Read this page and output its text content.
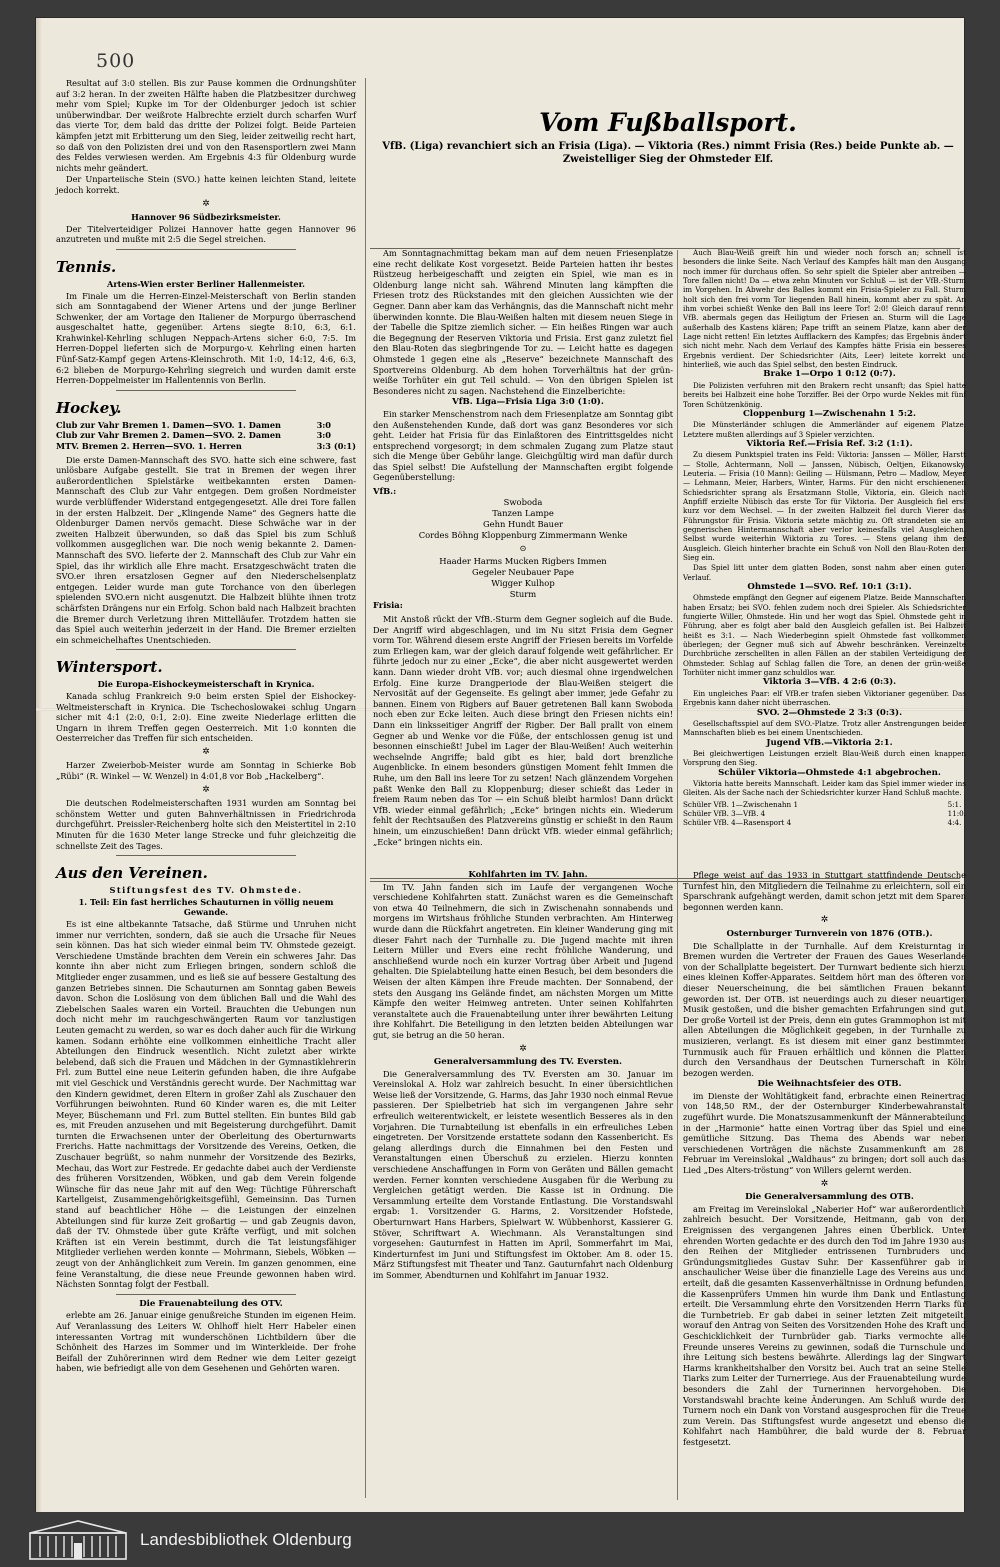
500

Resultat auf 3:0 stellen. Bis zur Pause kommen die Ordnungshüter auf 3:2 heran. In der zweiten Hälfte haben die Platzbesitzer durchweg mehr vom Spiel; Kupke im Tor der Oldenburger jedoch ist schier unüberwindbar. Der weißrote Halbrechte erzielt durch scharfen Wurf das vierte Tor, dem bald das dritte der Polizei folgt. Beide Parteien kämpfen jetzt mit Erbitterung um den Sieg, leider zeitweilig recht hart, so daß von den Polizisten drei und von den Rasensportlern zwei Mann des Feldes verwiesen werden. Am Ergebnis 4:3 für Oldenburg wurde nichts mehr geändert.

Der Unparteiische Stein (SVO.) hatte keinen leichten Stand, leitete jedoch korrekt.

✲

Hannover 96 Südbezirksmeister.

Der Titelverteidiger Polizei Hannover hatte gegen Hannover 96 anzutreten und mußte mit 2:5 die Segel streichen.

Tennis.

Artens-Wien erster Berliner Hallenmeister.

Im Finale um die Herren-Einzel-Meisterschaft von Berlin standen sich am Sonntagabend der Wiener Artens und der junge Berliner Schwenker, der am Vortage den Italiener de Morpurgo überraschend ausgeschaltet hatte, gegenüber. Artens siegte 8:10, 6:3, 6:1. Krahwinkel-Kehrling schlugen Neppach-Artens sicher 6:0, 7:5. Im Herren-Doppel lieferten sich de Morpurgo-v. Kehrling einen harten Fünf-Satz-Kampf gegen Artens-Kleinschroth. Mit 1:0, 14:12, 4:6, 6:3, 6:2 blieben de Morpurgo-Kehrling siegreich und wurden damit erste Herren-Doppelmeister im Hallentennis von Berlin.

Hockey.
Club zur Vahr Bremen 1. Damen—SVO. 1. Damen	3:0
Club zur Vahr Bremen 2. Damen—SVO. 2. Damen	3:0
MTV. Bremen 2. Herren—SVO. 1. Herren	3:3 (0:1)

Die erste Damen-Mannschaft des SVO. hatte sich eine schwere, fast unlösbare Aufgabe gestellt. Sie trat in Bremen der wegen ihrer außerordentlichen Spielstärke weitbekannten ersten Damen-Mannschaft des Club zur Vahr entgegen. Dem großen Nordmeister wurde verblüffender Widerstand entgegengesetzt. Alle drei Tore fallen in der ersten Halbzeit. Der „Klingende Name“ des Gegners hatte die Oldenburger Damen nervös gemacht. Diese Schwäche war in der zweiten Halbzeit überwunden, so daß das Spiel bis zum Schluß vollkommen ausgeglichen war. Die noch wenig bekannte 2. Damen-Mannschaft des SVO. lieferte der 2. Mannschaft des Club zur Vahr ein Spiel, das ihr wirklich alle Ehre macht. Ersatzgeschwächt traten die SVO.er ihren ersatzlosen Gegner auf den Niederschelsenplatz entgegen. Leider wurde man gute Torchance von den überlegen spielenden SVO.ern nicht ausgenutzt. Die Halbzeit blühte ihnen trotz schärfsten Drängens nur ein Erfolg. Schon bald nach Halbzeit brachten die Bremer durch Verletzung ihren Mittelläufer. Trotzdem hatten sie das Spiel auch weiterhin jederzeit in der Hand. Die Bremer erzielten ein schmeichelhaftes Unentschieden.

Wintersport.

Die Europa-Eishockeymeisterschaft in Krynica.

Kanada schlug Frankreich 9:0 beim ersten Spiel der Eishockey-Weltmeisterschaft in Krynica. Die Tschechoslowakei schlug Ungarn sicher mit 4:1 (2:0, 0:1, 2:0). Eine zweite Niederlage erlitten die Ungarn in ihrem Treffen gegen Oesterreich. Mit 1:0 konnten die Oesterreicher das Treffen für sich entscheiden.

✲

Harzer Zweierbob-Meister wurde am Sonntag in Schierke Bob „Rübi“ (R. Winkel — W. Wenzel) in 4:01,8 vor Bob „Hackelberg“.

✲

Die deutschen Rodelmeisterschaften 1931 wurden am Sonntag bei schönstem Wetter und guten Bahnverhältnissen in Friedrichroda durchgeführt. Preissler-Reichenberg holte sich den Meistertitel in 2:10 Minuten für die 1630 Meter lange Strecke und fuhr gleichzeitig die schnellste Zeit des Tages.

Aus den Vereinen.

Stiftungsfest des TV. Ohmstede.

1. Teil: Ein fast herrliches Schauturnen in völlig neuem Gewande.

Es ist eine altbekannte Tatsache, daß Stürme und Unruhen nicht immer nur verrichten, sondern, daß sie auch die Ursache für Neues sein können. Das hat sich wieder einmal beim TV. Ohmstede gezeigt. Verschiedene Umstände brachten dem Verein ein schweres Jahr. Das konnte ihn aber nicht zum Erliegen bringen, sondern schloß die Mitglieder enger zusammen, und es ließ sie auf bessere Gestaltung des ganzen Betriebes sinnen. Die Schauturnen am Sonntag gaben Beweis davon. Schon die Loslösung von dem üblichen Ball und die Wahl des Ziebelschen Saales waren ein Vorteil. Brauchten die Uebungen nun doch nicht mehr im rauchgeschwängerten Raum vor tanzlustigen Leuten gemacht zu werden, so war es doch daher auch für die Wirkung kamen. Sodann erhöhte eine vollkommen einheitliche Tracht aller Abteilungen den Eindruck wesentlich. Nicht zuletzt aber wirkte belebend, daß sich die Frauen und Mädchen in der Gymnastiklehrerin Frl. zum Buttel eine neue Leiterin gefunden haben, die ihre Aufgabe mit viel Geschick und Verständnis gerecht wurde. Der Nachmittag war den Kindern gewidmet, deren Eltern in großer Zahl als Zuschauer den Vorführungen beiwohnten. Rund 60 Kinder waren es, die mit Leiter Meyer, Büschemann und Frl. zum Buttel stellten. Ein buntes Bild gab es, mit Freuden anzusehen und mit Begeisterung durchgeführt. Damit turnten die Erwachsenen unter der Oberleitung des Oberturnwarts Frerichs. Hatte nachmittags der Vorsitzende des Vereins, Oetken, die Zuschauer begrüßt, so nahm nunmehr der Vorsitzende des Bezirks, Mechau, das Wort zur Festrede. Er gedachte dabei auch der Verdienste des früheren Vorsitzenden, Wöbken, und gab dem Verein folgende Wünsche für das neue Jahr mit auf den Weg: Tüchtige Führerschaft Kartellgeist, Zusammengehörigkeitsgefühl, Gemeinsinn. Das Turnen stand auf beachtlicher Höhe — die Leistungen der einzelnen Abteilungen sind für kurze Zeit großartig — und gab Zeugnis davon, daß der TV. Ohmstede über gute Kräfte verfügt, und mit solchen Kräften ist ein Verein bestimmt, durch die Tat leistungsfähiger Mitglieder verliehen werden konnte — Mohrmann, Siebels, Wöbken — zeugt von der Anhänglichkeit zum Verein. Im ganzen genommen, eine feine Veranstaltung, die diese neue Freunde gewonnen haben wird. Nächsten Sonntag folgt der Festball.

Die Frauenabteilung des OTV.

erlebte am 26. Januar einige genußreiche Stunden im eigenen Heim. Auf Veranlassung des Leiters W. Ohlhoff hielt Herr Habeler einen interessanten Vortrag mit wunderschönen Lichtbildern über die Schönheit des Harzes im Sommer und im Winterkleide. Der frohe Beifall der Zuhörerinnen wird dem Redner wie dem Leiter gezeigt haben, wie befriedigt alle von dem Gesehenen und Gehörten waren.

Vom Fußballsport.
VfB. (Liga) revanchiert sich an Frisia (Liga). — Viktoria (Res.) nimmt Frisia (Res.) beide Punkte ab. — Zweistelliger Sieg der Ohmsteder Elf.

Am Sonntagnachmittag bekam man auf dem neuen Friesenplatze eine recht delikate Kost vorgesetzt. Beide Parteien hatten ihr bestes Rüstzeug herbeigeschafft und zeigten ein Spiel, wie man es in Oldenburg lange nicht sah. Während Minuten lang kämpften die Friesen trotz des Rückstandes mit den gleichen Aussichten wie der Gegner. Dann aber kam das Verhängnis, das die Mannschaft nicht mehr überwinden konnte. Die Blau-Weißen halten mit diesem neuen Siege in der Tabelle die Spitze ziemlich sicher. — Ein heißes Ringen war auch die Begegnung der Reserven Viktoria und Frisia. Erst ganz zuletzt fiel den Blau-Roten das siegbringende Tor zu. — Leicht hatte es dagegen Ohmstede 1 gegen eine als „Reserve“ bezeichnete Mannschaft des Sportvereins Oldenburg. Ab dem hohen Torverhältnis hat der grün-weiße Torhüter ein gut Teil schuld. — Von den übrigen Spielen ist Besonderes nicht zu sagen. Nachstehend die Einzelberichte:

VfB. Liga—Frisia Liga 3:0 (1:0).

Ein starker Menschenstrom nach dem Friesenplatze am Sonntag gibt den Außenstehenden Kunde, daß dort was ganz Besonderes vor sich geht. Leider hat Frisia für das Einlaßtoren des Eintrittsgeldes nicht entsprechend vorgesorgt; in dem schmalen Zugang zum Platze staut sich die Menge über Gebühr lange. Gleichgültig wird man dafür durch das Spiel selbst! Die Aufstellung der Mannschaften ergibt folgende Gegenüberstellung:

VfB.:
Swoboda
Tanzen Lampe
Gehn Hundt Bauer
Cordes Böhng Kloppenburg Zimmermann Wenke
⊙
Haader Harms Mucken Rigbers Immen
Gegeler Neubauer Pape
Wigger Kulhop
Sturm
Frisia:

Mit Anstoß rückt der VfB.-Sturm dem Gegner sogleich auf die Bude. Der Angriff wird abgeschlagen, und im Nu sitzt Frisia dem Gegner vorm Tor. Während diesem erste Angriff der Friesen bereits im Vorfelde zum Erliegen kam, war der gleich darauf folgende weit gefährlicher. Er führte jedoch nur zu einer „Ecke“, die aber nicht ausgewertet werden kann. Dann wieder droht VfB. vor; auch diesmal ohne irgendwelchen Erfolg. Eine kurze Drangperiode der Blau-Weißen steigert die Nervosität auf der Gegenseite. Es gelingt aber immer, jede Gefahr zu bannen. Einem von Rigbers auf Bauer getretenen Ball kann Swoboda noch eben zur Ecke leiten. Auch diese bringt den Friesen nichts ein! Dann ein linksseitiger Angriff der Rigber. Der Ball prallt von einem Gegner ab und Wenke vor die Füße, der entschlossen genug ist und besonnen einschießt! Jubel im Lager der Blau-Weißen! Auch weiterhin wechselnde Angriffe; bald gibt es hier, bald dort brenzliche Augenblicke. In einem besonders günstigen Moment fehlt Immen die Ruhe, um den Ball ins leere Tor zu setzen! Nach glänzendem Vorgehen paßt Wenke den Ball zu Kloppenburg; dieser schießt das Leder in freiem Raum neben das Tor — ein Schuß bleibt harmlos! Dann drückt VfB. wieder einmal gefährlich; „Ecke“ bringen nichts ein. Wiederum fehlt der Rechtsaußen des Platzvereins günstig er schießt in den Raum hinein, um einzuschießen! Dann drückt VfB. wieder einmal gefährlich; „Ecke“ bringen nichts ein.

Auch Blau-Weiß greift hin und wieder noch forsch an; schnell ist besonders die linke Seite. Nach Verlauf des Kampfes hält man den Ausgang noch immer für durchaus offen. So sehr spielt die Spieler aber antreiben — Tore fallen nicht! Da — etwa zehn Minuten vor Schluß — ist der VfB.-Sturm im Vorgehen. In Abwehr des Balles kommt ein Frisia-Spieler zu Fall. Sturm holt sich den frei vorm Tor liegenden Ball hinein, kommt aber zu spät. An ihm vorbei schießt Wenke den Ball ins leere Tor! 2:0! Gleich darauf rennt VfB. abermals gegen das Heiligtum der Friesen an. Sturm will die Lage außerhalb des Kastens klären; Pape trifft an seinem Platze, kann aber der Lage nicht retten! Ein letztes Aufflackern des Kampfes; das Ergebnis ändert sich nicht mehr. Nach dem Verlauf des Kampfes hätte Frisia ein besseres Ergebnis verdient. Der Schiedsrichter (Aits, Leer) leitete korrekt und hinterließ, wie auch das Spiel selbst, den besten Eindruck.

Brake 1—Orpo 1 0:12 (0:7).

Die Polizisten verfuhren mit den Brakern recht unsanft; das Spiel hatte bereits bei Halbzeit eine hohe Torziffer. Bei der Orpo wurde Nekles mit fünf Toren Schützenkönig.

Cloppenburg 1—Zwischenahn 1 5:2.

Die Münsterländer schlugen die Ammerländer auf eigenem Platze. Letztere mußten allerdings auf 3 Spieler verzichten.

Viktoria Ref.—Frisia Ref. 3:2 (1:1).

Zu diesem Punktspiel traten ins Feld: Viktoria: Janssen — Möller, Harstt — Stolle, Achtermann, Noll — Janssen, Nübisch, Oeltjen, Eikanowsky, Leuteria. — Frisia (10 Mann): Geiling — Hülsmann, Petro — Madlow, Meyer — Lehmann, Meier, Harbers, Winter, Harms. Für den nicht erschienenen Schiedsrichter sprang als Ersatzmann Stolle, Viktoria, ein. Gleich nach Anpfiff erzielte Nübisch das erste Tor für Viktoria. Der Ausgleich fiel erst kurz vor dem Wechsel. — In der zweiten Halbzeit fiel durch Vierer das Führungstor für Frisia. Viktoria setzte mächtig zu. Oft strandeten sie am gegnerischen Hintermannschaft aber verlor keinesfalls viel Ausgleichen. Selbst wurde weiterhin Wiktoria zu Tores. — Stens gelang ihm der Ausgleich. Gleich hinterher brachte ein Schuß von Noll den Blau-Roten den Sieg ein.

Das Spiel litt unter dem glatten Boden, sonst nahm aber einen guten Verlauf.

Ohmstede 1—SVO. Ref. 10:1 (3:1).

Ohmstede empfängt den Gegner auf eigenem Platze. Beide Mannschaften haben Ersatz; bei SVO. fehlen zudem noch drei Spieler. Als Schiedsrichter fungierte Willer, Ohmstede. Hin und her wogt das Spiel. Ohmstede geht in Führung, aber es folgt aber bald den Ausgleich gefallen ist. Bei Halbzeit heißt es 3:1. — Nach Wiederbeginn spielt Ohmstede fast vollkommen überlegen; der Gegner muß sich auf Abwehr beschränken. Vereinzelte Durchbrüche zerschellten in allen Fällen an der stabilen Verteidigung der Ohmsteder. Schlag auf Schlag fallen die Tore, an denen der grün-weiße Torhüter nicht immer ganz schuldlos war.

Viktoria 3—VfB. 4 2:6 (0:3).

Ein ungleiches Paar: elf VfB.er trafen sieben Viktorianer gegenüber. Das Ergebnis kann daher nicht überraschen.

SVO. 2—Ohmstede 2 3:3 (0:3).

Gesellschaftsspiel auf dem SVO.-Platze. Trotz aller Anstrengungen beider Mannschaften blieb es bei einem Unentschieden.

Jugend VfB.—Viktoria 2:1.

Bei gleichwertigen Leistungen erzielt Blau-Weiß durch einen knappen Vorsprung den Sieg.

Schüler Viktoria—Ohmstede 4:1 abgebrochen.

Viktoria hatte bereits Mannschaft. Leider kam das Spiel immer wieder ins Gleiten. Als der Sache nach der Schiedsrichter kurzer Hand Schluß machte.

Schüler VfB. 1—Zwischenahn 1	5:1.
Schüler VfB. 3—VfB. 4	11:0.
Schüler VfB. 4—Rasensport 4	4:4.

Kohlfahrten im TV. Jahn.

Im TV. Jahn fanden sich im Laufe der vergangenen Woche verschiedene Kohlfahrten statt. Zunächst waren es die Gemeinschaft von etwa 40 Teilnehmern, die sich in Zwischenahn sonnabends und morgens im Wirtshaus fröhliche Stunden verbrachten. Am Hinterweg wurde dann die Rückfahrt angetreten. Ein kleiner Wanderung ging mit dieser Fahrt nach der Turnhalle zu. Die Jugend machte mit ihren Leitern Müller und Evers eine recht fröhliche Wanderung, und anschließend wurde noch ein kurzer Vortrag über Arbeit und Jugend gehalten. Die Spielabteilung hatte einen Besuch, bei dem besonders die Weisen der alten Kämpen ihre Freude machten. Der Sonnabend, der stets den Ausgang ins Gelände findet, am nächsten Morgen um Mitte Kämpfe den weiter Heimweg antreten. Unter seinen Kohlfahrten veranstaltete auch die Frauenabteilung unter ihrer bewährten Leitung ihre Kohlfahrt. Die Beteiligung in den letzten beiden Abteilungen war gut, sie betrug an die 50 heran.

✲

Generalversammlung des TV. Eversten.

Die Generalversammlung des TV. Eversten am 30. Januar im Vereinslokal A. Holz war zahlreich besucht. In einer übersichtlichen Weise ließ der Vorsitzende, G. Harms, das Jahr 1930 noch einmal Revue passieren. Der Spielbetrieb hat sich im vergangenen Jahre sehr erfreulich weiterentwickelt, er leistete wesentlich Besseres als in den Vorjahren. Die Turnabteilung ist ebenfalls in ein erfreuliches Leben eingetreten. Der Vorsitzende erstattete sodann den Kassenbericht. Es gelang allerdings durch die Einnahmen bei den Festen und Veranstaltungen einen Überschuß zu erzielen. Hierzu konnten verschiedene Anschaffungen in Form von Geräten und Bällen gemacht werden. Ferner konnten verschiedene Ausgaben für die Werbung zu Vergleichen getätigt werden. Die Kasse ist in Ordnung. Die Versammlung erteilte dem Vorstande Entlastung. Die Vorstandswahl ergab: 1. Vorsitzender G. Harms, 2. Vorsitzender Hofstede, Oberturnwart Hans Harbers, Spielwart W. Wübbenhorst, Kassierer G. Stöver, Schriftwart A. Wiechmann. Als Veranstaltungen sind vorgesehen: Gauturnfest in Hatten im April, Sommerfahrt im Mai, Kinderturnfest im Juni und Stiftungsfest im Oktober. Am 8. oder 15. März Stiftungsfest mit Theater und Tanz. Gauturnfahrt nach Oldenburg im Sommer, Abendturnen und Kohlfahrt im Januar 1932.

Pflege weist auf das 1933 in Stuttgart stattfindende Deutsche Turnfest hin, den Mitgliedern die Teilnahme zu erleichtern, soll ein Sparschrank aufgehängt werden, damit schon jetzt mit dem Sparen begonnen werden kann.

✲

Osternburger Turnverein von 1876 (OTB.).

Die Schallplatte in der Turnhalle. Auf dem Kreisturntag in Bremen wurden die Vertreter der Frauen des Gaues Weserlande von der Schallplatte begeistert. Der Turnwart bediente sich hierzu eines kleinen Koffer-Apparates. Seitdem hört man des öfteren von dieser Neuerscheinung, die bei sämtlichen Frauen bekannt geworden ist. Der OTB. ist neuerdings auch zu dieser neuartigen Musik gestoßen, und die bisher gemachten Erfahrungen sind gut. Der große Vorteil ist der Preis, denn ein gutes Grammophon ist mit allen Abteilungen die Möglichkeit gegeben, in der Turnhalle zu musizieren, verlangt. Es ist diesem mit einer ganz bestimmten Turnmusik auch für Frauen erhältlich und können die Platten durch den Versandhaus der Deutschen Turnerschaft in Köln bezogen werden.

Die Weihnachtsfeier des OTB.

im Dienste der Wohltätigkeit fand, erbrachte einen Reinertrag von 148,50 RM., der der Osternburger Kinderbewahranstalt zugeführt wurde. Die Monatszusammenkunft der Männerabteilung in der „Harmonie“ hatte einen Vortrag über das Spiel und eine gemütliche Sitzung. Das Thema des Abends war neben verschiedenen Vorträgen die nächste Zusammenkunft am 28. Februar im Vereinslokal „Waldhaus“ zu bringen; dort soll auch das Lied „Des Alters-tröstung“ von Willers gelernt werden.

✲

Die Generalversammlung des OTB.

am Freitag im Vereinslokal „Naberier Hof“ war außerordentlich zahlreich besucht. Der Vorsitzende, Heitmann, gab von den Ereignissen des vergangenen Jahres einen Überblick. Unter ehrenden Worten gedachte er des durch den Tod im Jahre 1930 aus den Reihen der Mitglieder entrissenen Turnbruders und Gründungsmitgliedes Gustav Suhr. Der Kassenführer gab in anschaulicher Weise über die finanzielle Lage des Vereins aus und erteilt, daß die gesamten Kassenverhältnisse in Ordnung befunden, die Kassenprüfers Ummen hin wurde ihm Dank und Entlastung erteilt. Die Versammlung ehrte den Vorsitzenden Herrn Tiarks für die Turnbetrieb. Er gab dabei in seiner letzten Zeit mitgeteilt, worauf den Antrag von Seiten des Vorsitzenden Hohe des Kraft und Geschicklichkeit der Turnbrüder gab. Tiarks vermochte alle Freunde unseres Vereins zu gewinnen, sodaß die Turnschule und ihre Leitung sich bestens bewährte. Allerdings lag der Singwart Harms krankheitshalber den Vorsitz bei. Auch trat an seine Stelle Tiarks zum Leiter der Turnerriege. Aus der Frauenabteilung wurde besonders die Zahl der Turnerinnen hervorgehoben. Die Vorstandswahl brachte keine Änderungen. Am Schluß wurde den Turnern noch ein Dank von Vorstand ausgesprochen für die Treue zum Verein. Das Stiftungsfest wurde angesetzt und ebenso die Kohlfahrt nach Hambührer, die bald wurde der 8. Februar festgesetzt.

Landesbibliothek Oldenburg
